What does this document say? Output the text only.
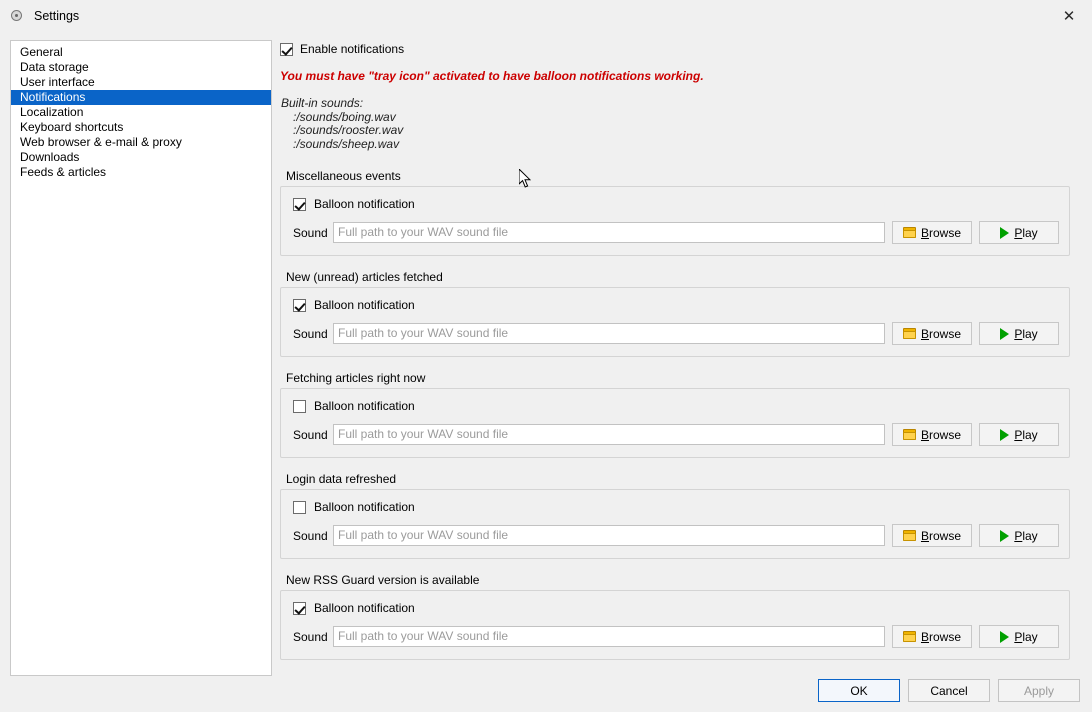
Settings	✕
General
Data storage
User interface
Notifications
Localization
Keyboard shortcuts
Web browser & e-mail & proxy
Downloads
Feeds & articles
Enable notifications
You must have "tray icon" activated to have balloon notifications working.
Built-in sounds:
:/sounds/boing.wav
:/sounds/rooster.wav
:/sounds/sheep.wav
Miscellaneous events
Balloon notification
Sound Full path to your WAV sound file	Browse	Play
New (unread) articles fetched
Balloon notification
Sound Full path to your WAV sound file	Browse	Play
Fetching articles right now
Balloon notification
Sound Full path to your WAV sound file	Browse	Play
Login data refreshed
Balloon notification
Sound Full path to your WAV sound file	Browse	Play
New RSS Guard version is available
Balloon notification
Sound Full path to your WAV sound file	Browse	Play
OK	Cancel	Apply
